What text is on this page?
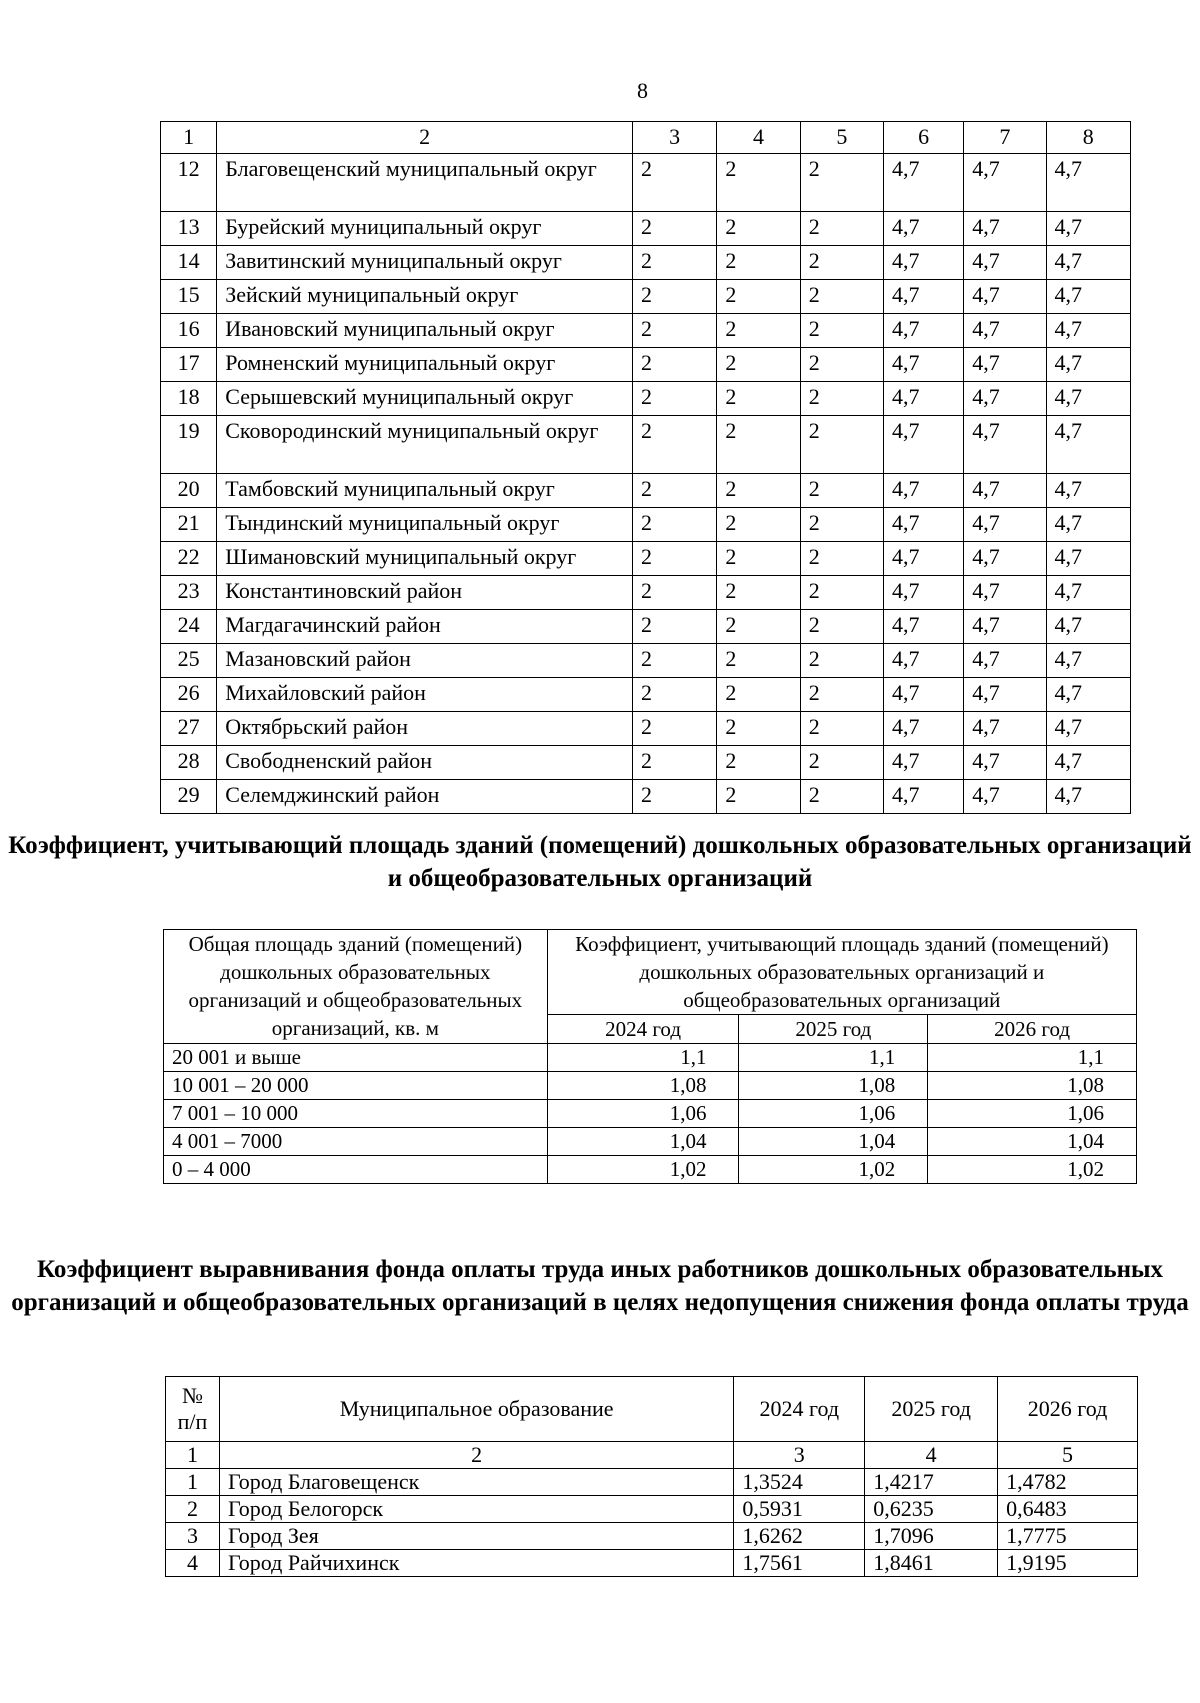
8
1	2	3	4	5	6	7	8
12	Благовещенский муниципальный округ	2	2	2	4,7	4,7	4,7
13	Бурейский муниципальный округ	2	2	2	4,7	4,7	4,7
14	Завитинский муниципальный округ	2	2	2	4,7	4,7	4,7
15	Зейский муниципальный округ	2	2	2	4,7	4,7	4,7
16	Ивановский муниципальный округ	2	2	2	4,7	4,7	4,7
17	Ромненский муниципальный округ	2	2	2	4,7	4,7	4,7
18	Серышевский муниципальный округ	2	2	2	4,7	4,7	4,7
19	Сковородинский муниципальный округ	2	2	2	4,7	4,7	4,7
20	Тамбовский муниципальный округ	2	2	2	4,7	4,7	4,7
21	Тындинский муниципальный округ	2	2	2	4,7	4,7	4,7
22	Шимановский муниципальный округ	2	2	2	4,7	4,7	4,7
23	Константиновский район	2	2	2	4,7	4,7	4,7
24	Магдагачинский район	2	2	2	4,7	4,7	4,7
25	Мазановский район	2	2	2	4,7	4,7	4,7
26	Михайловский район	2	2	2	4,7	4,7	4,7
27	Октябрьский район	2	2	2	4,7	4,7	4,7
28	Свободненский район	2	2	2	4,7	4,7	4,7
29	Селемджинский район	2	2	2	4,7	4,7	4,7
Коэффициент, учитывающий площадь зданий (помещений) дошкольных образовательных организаций и общеобразовательных организаций
Общая площадь зданий (помещений) дошкольных образовательных организаций и общеобразовательных организаций, кв. м	Коэффициент, учитывающий площадь зданий (помещений) дошкольных образовательных организаций и общеобразовательных организаций		
	2024 год	2025 год	2026 год
20 001 и выше	1,1	1,1	1,1
10 001 – 20 000	1,08	1,08	1,08
7 001 – 10 000	1,06	1,06	1,06
4 001 – 7000	1,04	1,04	1,04
0 – 4 000	1,02	1,02	1,02
Коэффициент выравнивания фонда оплаты труда иных работников дошкольных образовательных организаций и общеобразовательных организаций в целях недопущения снижения фонда оплаты труда
№ п/п	Муниципальное образование	2024 год	2025 год	2026 год
1	2	3	4	5
1	Город Благовещенск	1,3524	1,4217	1,4782
2	Город Белогорск	0,5931	0,6235	0,6483
3	Город Зея	1,6262	1,7096	1,7775
4	Город Райчихинск	1,7561	1,8461	1,9195
